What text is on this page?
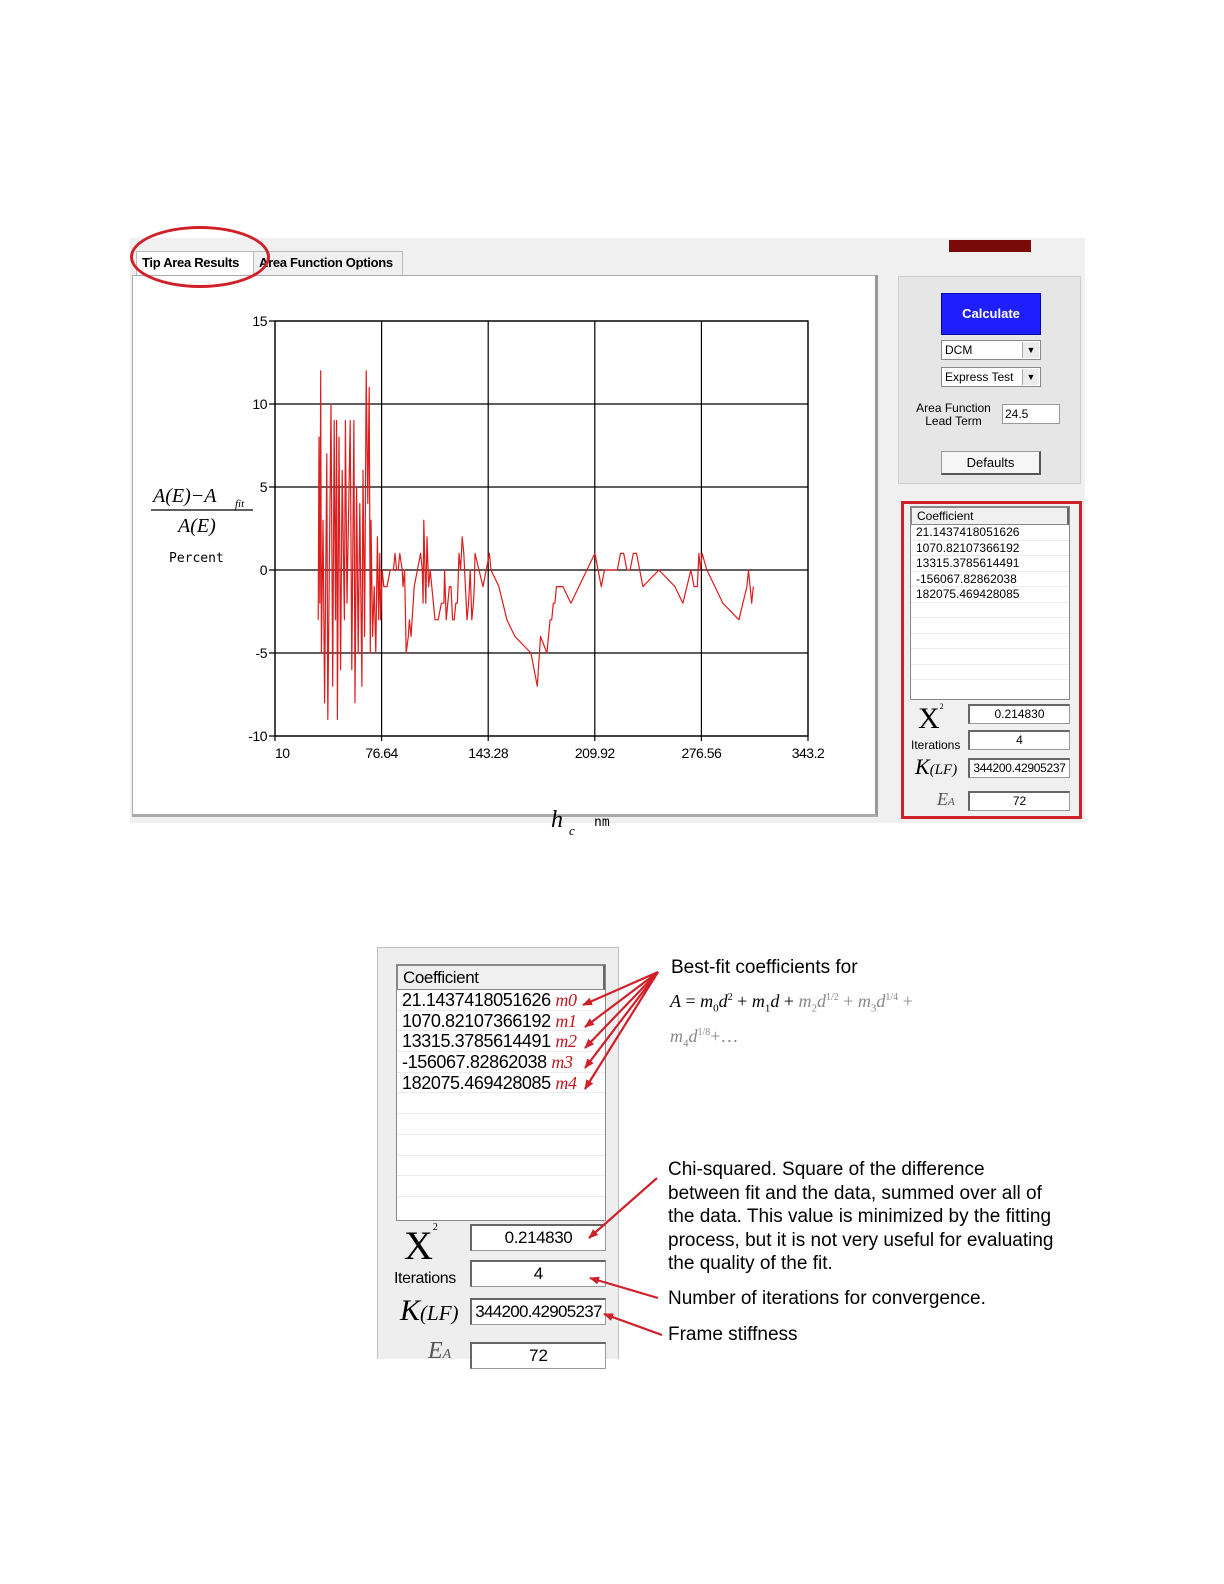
Tip Area Results	Area Function Options
A(E)−A fit
A(E)
Percent
h c
nm
10	76.64	143.28	209.92	276.56	343.2
15
10
5
0
-5
-10
Calculate
DCM	▼
Express Test	▼
Area Function Lead Term	24.5
Defaults
Coefficient
21.1437418051626
1070.82107366192
13315.3785614491
-156067.82862038
182075.469428085
$X^2$
0.214830
Iterations	4
K(LF)	344200.42905237
EA	72
Coefficient
21.1437418051626 m0
1070.82107366192 m1
13315.3785614491 m2
-156067.82862038 m3
182075.469428085 m4
$X^2$
0.214830
Iterations	4
K(LF) 344200.42905237
EA	72
Best-fit coefficients for
$A = m_0d^2 + m_1d + m_2d^{1/2} + m_3d^{1/4}$ +
$m_4d^{1/8}+\dots$
Chi-squared. Square of the difference
between fit and the data, summed over all of
the data. This value is minimized by the fitting
process, but it is not very useful for evaluating
the quality of the fit.
Number of iterations for convergence.
Frame stiffness
